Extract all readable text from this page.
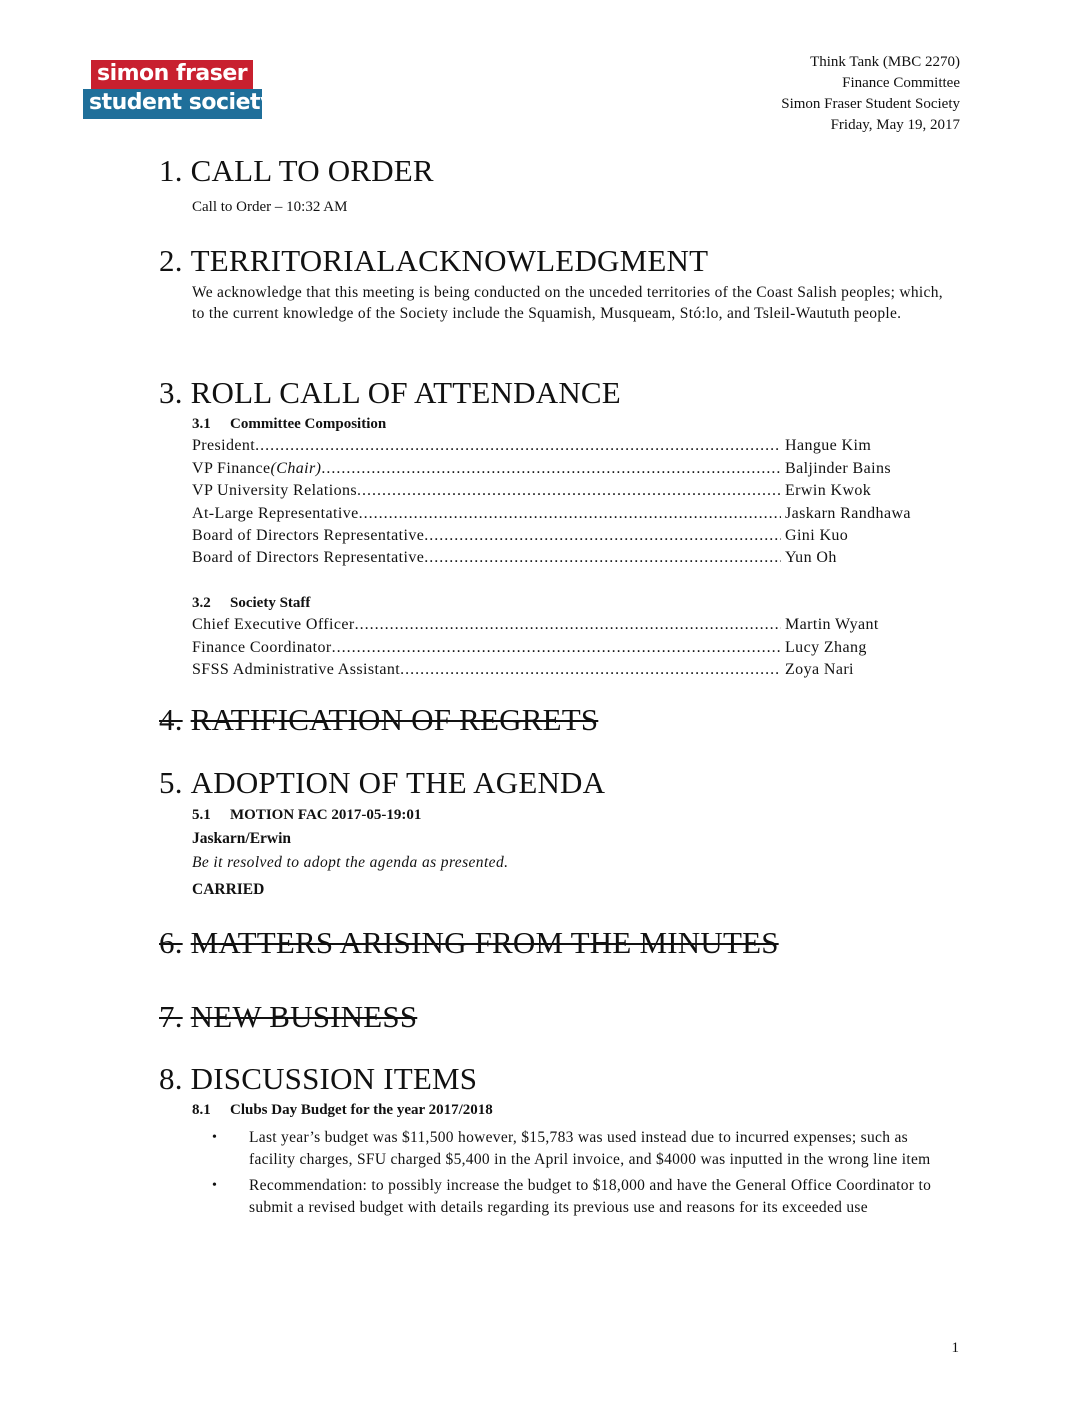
simon fraser
student society
Think Tank (MBC 2270)
Finance Committee
Simon Fraser Student Society
Friday, May 19, 2017
1. CALL TO ORDER
Call to Order – 10:32 AM
2. TERRITORIALACKNOWLEDGMENT
We acknowledge that this meeting is being conducted on the unceded territories of the Coast Salish peoples; which, to the current knowledge of the Society include the Squamish, Musqueam, Stó:lo, and Tsleil-Waututh people.
3. ROLL CALL OF ATTENDANCE
3.1 Committee Composition
President .....	Hangue Kim
VP Finance (Chair) .....	Baljinder Bains
VP University Relations .....	Erwin Kwok
At-Large Representative .....	Jaskarn Randhawa
Board of Directors Representative .....	Gini Kuo
Board of Directors Representative .....	Yun Oh
3.2 Society Staff
Chief Executive Officer .....	Martin Wyant
Finance Coordinator .....	Lucy Zhang
SFSS Administrative Assistant .....	Zoya Nari
4. RATIFICATION OF REGRETS
5. ADOPTION OF THE AGENDA
5.1 MOTION FAC 2017-05-19:01
Jaskarn/Erwin
Be it resolved to adopt the agenda as presented.
CARRIED
6. MATTERS ARISING FROM THE MINUTES
7. NEW BUSINESS
8. DISCUSSION ITEMS
8.1 Clubs Day Budget for the year 2017/2018
•	Last year’s budget was $11,500 however, $15,783 was used instead due to incurred expenses; such as facility charges, SFU charged $5,400 in the April invoice, and $4000 was inputted in the wrong line item
•	Recommendation: to possibly increase the budget to $18,000 and have the General Office Coordinator to submit a revised budget with details regarding its previous use and reasons for its exceeded use
1
